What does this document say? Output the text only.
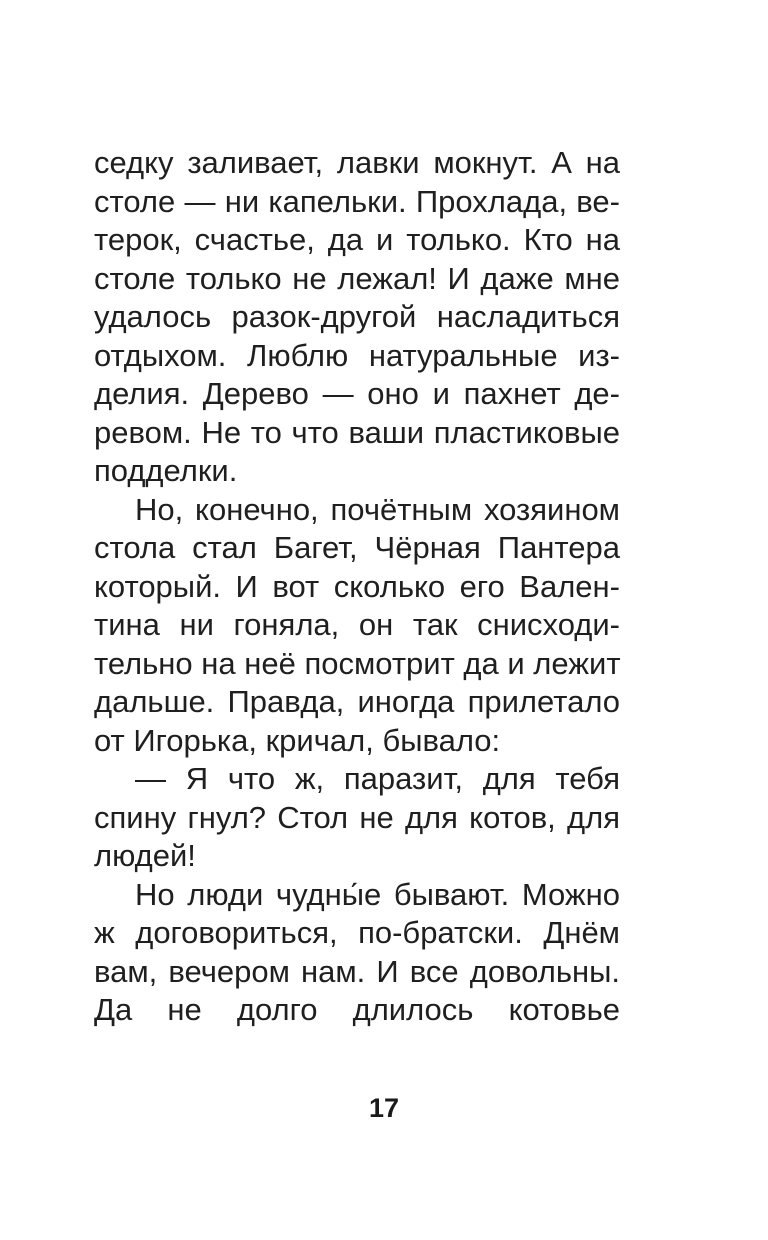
седку заливает, лавки мокнут. А на
столе — ни капельки. Прохлада, ве-
терок, счастье, да и только. Кто на
столе только не лежал! И даже мне
удалось разок-другой насладиться
отдыхом. Люблю натуральные из-
делия. Дерево — оно и пахнет де-
ревом. Не то что ваши пластиковые
подделки.
Но, конечно, почётным хозяином
стола стал Багет, Чёрная Пантера
который. И вот сколько его Вален-
тина ни гоняла, он так снисходи-
тельно на неё посмотрит да и лежит
дальше. Правда, иногда прилетало
от Игорька, кричал, бывало:
— Я что ж, паразит, для тебя
спину гнул? Стол не для котов, для
людей!
Но люди чудны́е бывают. Можно
ж договориться, по-братски. Днём
вам, вечером нам. И все довольны.
Да не долго длилось котовье
17
